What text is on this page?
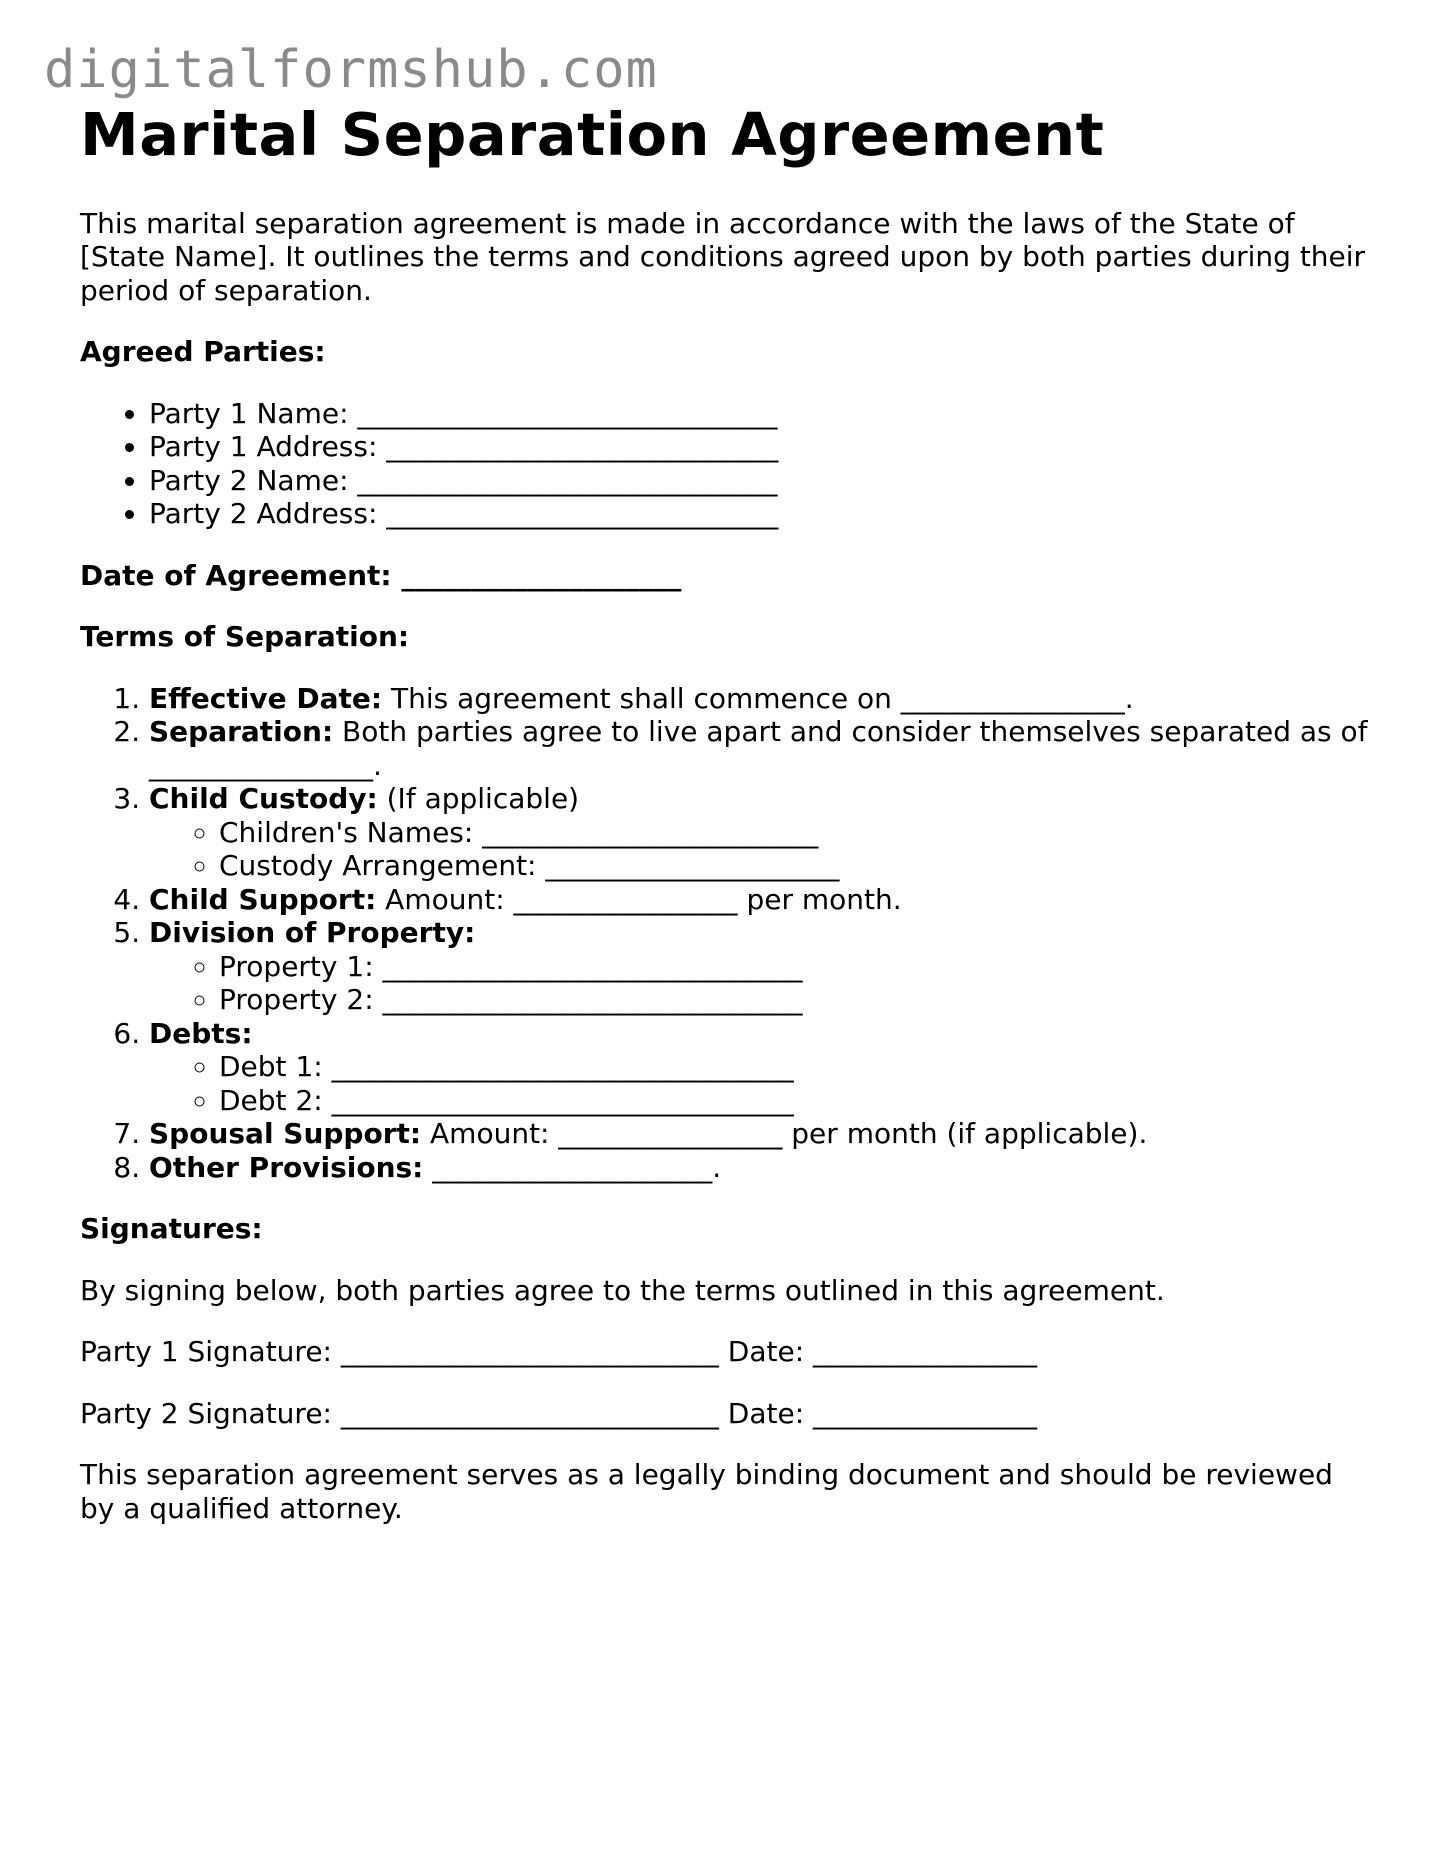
digitalformshub.com
Marital Separation Agreement

This marital separation agreement is made in accordance with the laws of the State of [State Name]. It outlines the terms and conditions agreed upon by both parties during their period of separation.

Agreed Parties:

• Party 1 Name: ______________________________
• Party 1 Address: ____________________________
• Party 2 Name: ______________________________
• Party 2 Address: ____________________________

Date of Agreement: ____________________

Terms of Separation:

1. Effective Date: This agreement shall commence on ________________.
2. Separation: Both parties agree to live apart and consider themselves separated as of ________________.
3. Child Custody: (If applicable)
◦ Children's Names: ________________________
◦ Custody Arrangement: _____________________
4. Child Support: Amount: ________________ per month.
5. Division of Property:
◦ Property 1: ______________________________
◦ Property 2: ______________________________
6. Debts:
◦ Debt 1: _________________________________
◦ Debt 2: _________________________________
7. Spousal Support: Amount: ________________ per month (if applicable).
8. Other Provisions: ____________________.

Signatures:

By signing below, both parties agree to the terms outlined in this agreement.

Party 1 Signature: ___________________________ Date: ________________

Party 2 Signature: ___________________________ Date: ________________

This separation agreement serves as a legally binding document and should be reviewed by a qualified attorney.
